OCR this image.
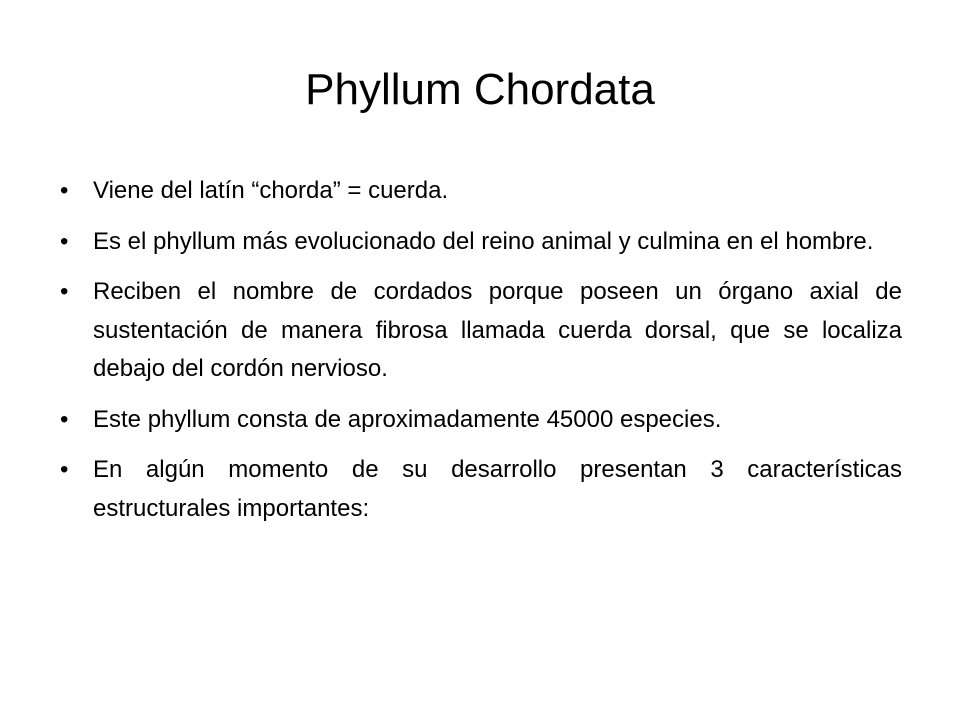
Phyllum Chordata
•	Viene del latín “chorda” = cuerda.
•	Es el phyllum más evolucionado del reino animal y culmina en el hombre.
•	Reciben el nombre de cordados porque poseen un órgano axial de sustentación de manera fibrosa llamada cuerda dorsal, que se localiza debajo del cordón nervioso.
•	Este phyllum consta de aproximadamente 45000 especies.
•	En algún momento de su desarrollo presentan 3 características estructurales importantes:
